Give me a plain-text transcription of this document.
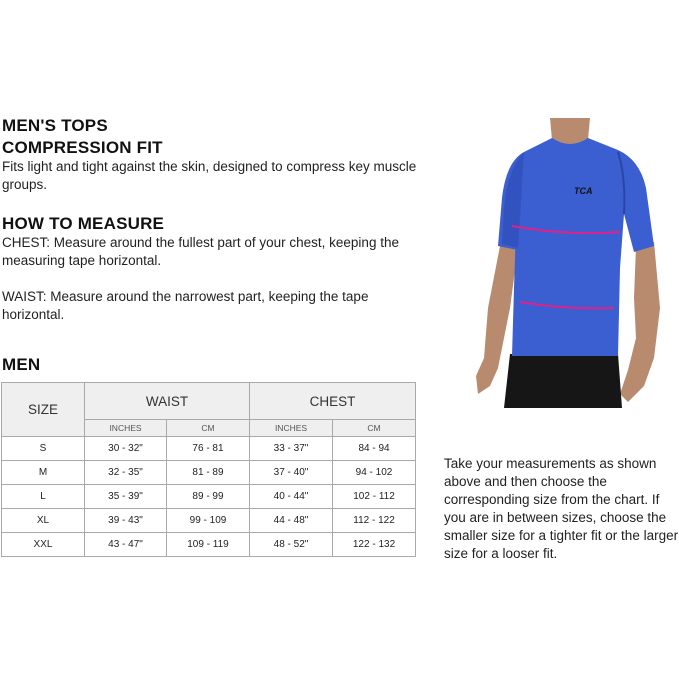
MEN'S TOPS
COMPRESSION FIT
Fits light and tight against the skin, designed to compress key muscle groups.
HOW TO MEASURE
CHEST: Measure around the fullest part of your chest, keeping the measuring tape horizontal.
WAIST: Measure around the narrowest part, keeping the tape horizontal.
MEN
SIZE	WAIST		CHEST	
	INCHES	CM	INCHES	CM
S	30 - 32"	76 - 81	33 - 37"	84 - 94
M	32 - 35"	81 - 89	37 - 40"	94 - 102
L	35 - 39"	89 - 99	40 - 44"	102 - 112
XL	39 - 43"	99 - 109	44 - 48"	112 - 122
XXL	43 - 47"	109 - 119	48 - 52"	122 - 132
TCA
Take your measurements as shown above and then choose the corresponding size from the chart. If you are in between sizes, choose the smaller size for a tighter fit or the larger size for a looser fit.
